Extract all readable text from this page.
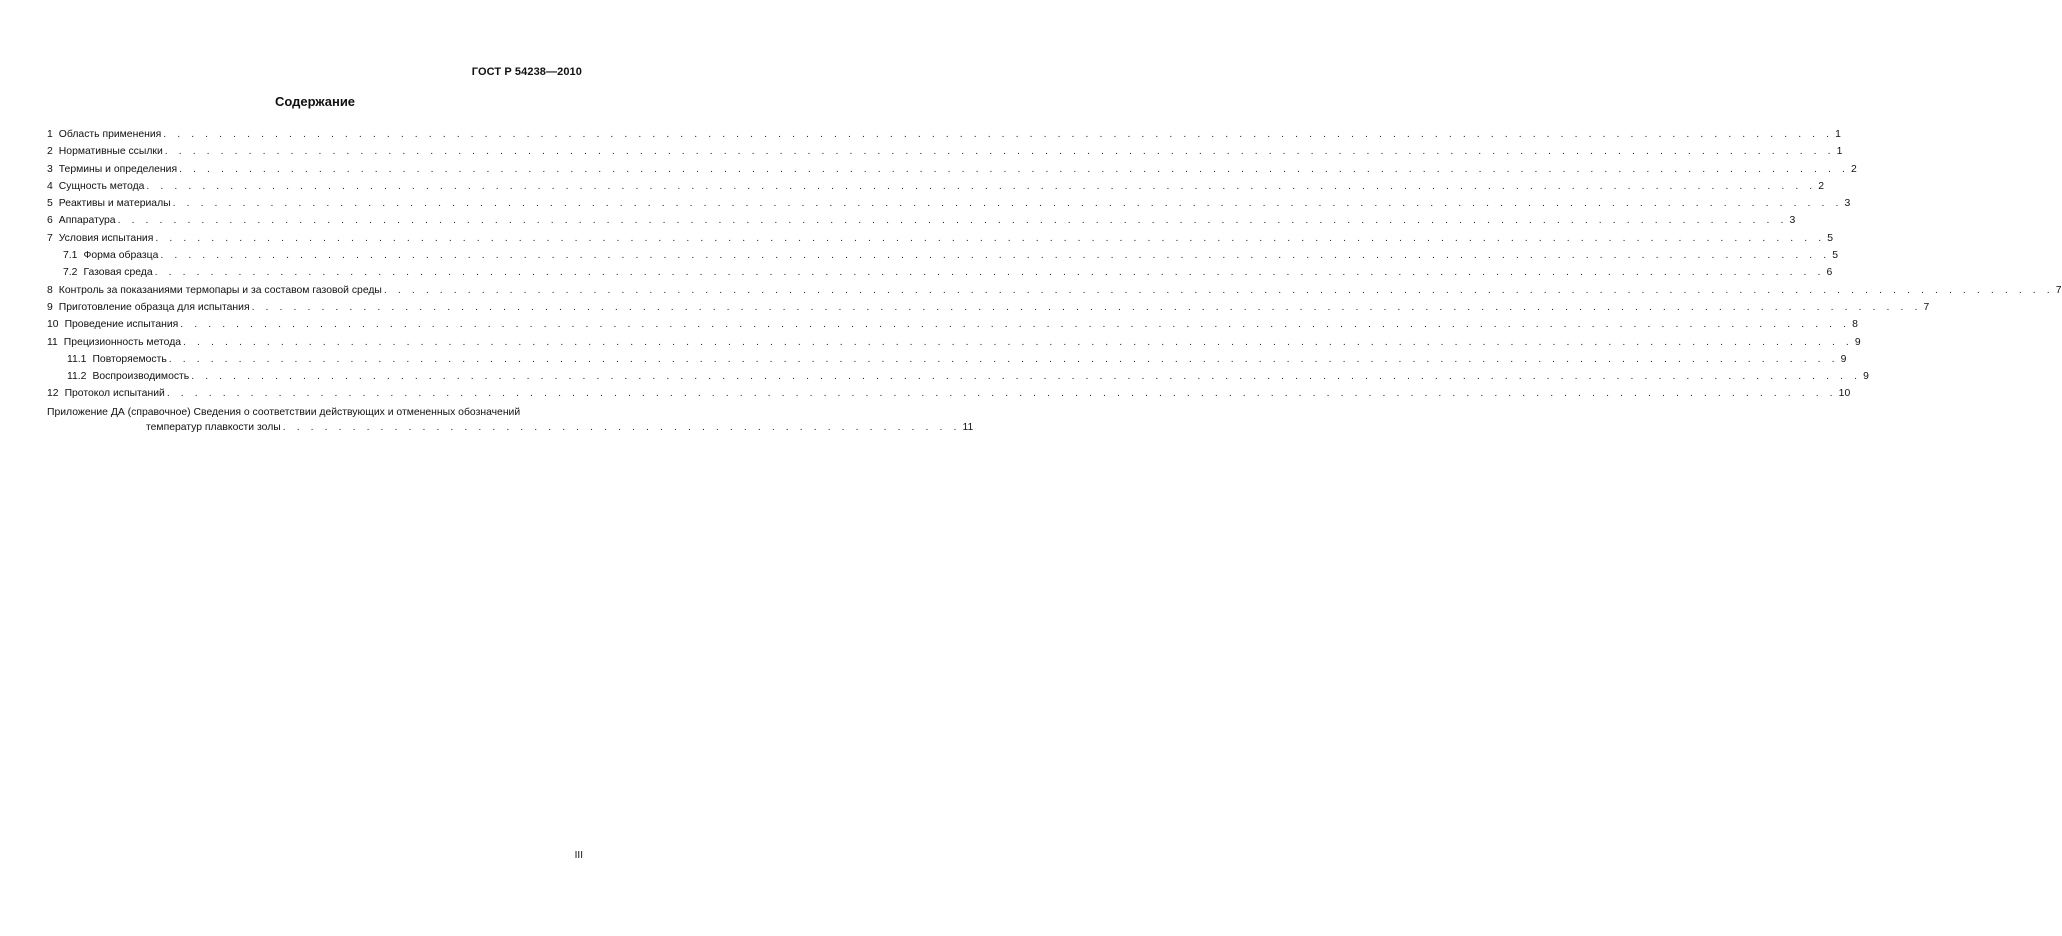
ГОСТ Р 54238—2010
Содержание
1 Область применения . . . . . . . . . . . . . . . . . . . . . . . . . . . . . . . . . . . . . . . . . . . . . . . . . . . . . . . . . . . . . . . . . . . . . . . . . . . . . . . . . . . . . . . . . . . . . . . . . . . . . . . . . . . . . . . . . . . . . . . . 1
2 Нормативные ссылки . . . . . . . . . . . . . . . . . . . . . . . . . . . . . . . . . . . . . . . . . . . . . . . . . . . . . . . . . . . . . . . . . . . . . . . . . . . . . . . . . . . . . . . . . . . . . . . . . . . . . . . . . . . . . . . . . . . . . . . . 1
3 Термины и определения . . . . . . . . . . . . . . . . . . . . . . . . . . . . . . . . . . . . . . . . . . . . . . . . . . . . . . . . . . . . . . . . . . . . . . . . . . . . . . . . . . . . . . . . . . . . . . . . . . . . . . . . . . . . . . . . . . . . . . . . 2
4 Сущность метода . . . . . . . . . . . . . . . . . . . . . . . . . . . . . . . . . . . . . . . . . . . . . . . . . . . . . . . . . . . . . . . . . . . . . . . . . . . . . . . . . . . . . . . . . . . . . . . . . . . . . . . . . . . . . . . . . . . . . . . . 2
5 Реактивы и материалы . . . . . . . . . . . . . . . . . . . . . . . . . . . . . . . . . . . . . . . . . . . . . . . . . . . . . . . . . . . . . . . . . . . . . . . . . . . . . . . . . . . . . . . . . . . . . . . . . . . . . . . . . . . . . . . . . . . . . . . . 3
6 Аппаратура . . . . . . . . . . . . . . . . . . . . . . . . . . . . . . . . . . . . . . . . . . . . . . . . . . . . . . . . . . . . . . . . . . . . . . . . . . . . . . . . . . . . . . . . . . . . . . . . . . . . . . . . . . . . . . . . . . . . . . . . 3
7 Условия испытания . . . . . . . . . . . . . . . . . . . . . . . . . . . . . . . . . . . . . . . . . . . . . . . . . . . . . . . . . . . . . . . . . . . . . . . . . . . . . . . . . . . . . . . . . . . . . . . . . . . . . . . . . . . . . . . . . . . . . . . . 5
7.1 Форма образца . . . . . . . . . . . . . . . . . . . . . . . . . . . . . . . . . . . . . . . . . . . . . . . . . . . . . . . . . . . . . . . . . . . . . . . . . . . . . . . . . . . . . . . . . . . . . . . . . . . . . . . . . . . . . . . . . . . . . . . . 5
7.2 Газовая среда . . . . . . . . . . . . . . . . . . . . . . . . . . . . . . . . . . . . . . . . . . . . . . . . . . . . . . . . . . . . . . . . . . . . . . . . . . . . . . . . . . . . . . . . . . . . . . . . . . . . . . . . . . . . . . . . . . . . . . . . 6
8 Контроль за показаниями термопары и за составом газовой среды . . . . . . . . . . . . . . . . . . . . . . . . . . . . . . . . . . . . . . . . . . . . . . . . . . . . . . . . . . . . . . . . . . . . . . . . . . . . . . . . . . . . . . . . . . . . . . . . . . . . . . . . . . . . . . . . . . . . . . . . 7
9 Приготовление образца для испытания . . . . . . . . . . . . . . . . . . . . . . . . . . . . . . . . . . . . . . . . . . . . . . . . . . . . . . . . . . . . . . . . . . . . . . . . . . . . . . . . . . . . . . . . . . . . . . . . . . . . . . . . . . . . . . . . . . . . . . . . 7
10 Проведение испытания . . . . . . . . . . . . . . . . . . . . . . . . . . . . . . . . . . . . . . . . . . . . . . . . . . . . . . . . . . . . . . . . . . . . . . . . . . . . . . . . . . . . . . . . . . . . . . . . . . . . . . . . . . . . . . . . . . . . . . . . 8
11 Прецизионность метода . . . . . . . . . . . . . . . . . . . . . . . . . . . . . . . . . . . . . . . . . . . . . . . . . . . . . . . . . . . . . . . . . . . . . . . . . . . . . . . . . . . . . . . . . . . . . . . . . . . . . . . . . . . . . . . . . . . . . . . . 9
11.1 Повторяемость . . . . . . . . . . . . . . . . . . . . . . . . . . . . . . . . . . . . . . . . . . . . . . . . . . . . . . . . . . . . . . . . . . . . . . . . . . . . . . . . . . . . . . . . . . . . . . . . . . . . . . . . . . . . . . . . . . . . . . . . 9
11.2 Воспроизводимость . . . . . . . . . . . . . . . . . . . . . . . . . . . . . . . . . . . . . . . . . . . . . . . . . . . . . . . . . . . . . . . . . . . . . . . . . . . . . . . . . . . . . . . . . . . . . . . . . . . . . . . . . . . . . . . . . . . . . . . . 9
12 Протокол испытаний . . . . . . . . . . . . . . . . . . . . . . . . . . . . . . . . . . . . . . . . . . . . . . . . . . . . . . . . . . . . . . . . . . . . . . . . . . . . . . . . . . . . . . . . . . . . . . . . . . . . . . . . . . . . . . . . . . . . . . . . 10
Приложение ДА (справочное) Сведения о соответствии действующих и отмененных обозначений
температур плавкости золы . . . . . . . . . . . . . . . . . . . . . . . . . . . . . . . . . . . . . . . . . . . . . . . . . 11
III
